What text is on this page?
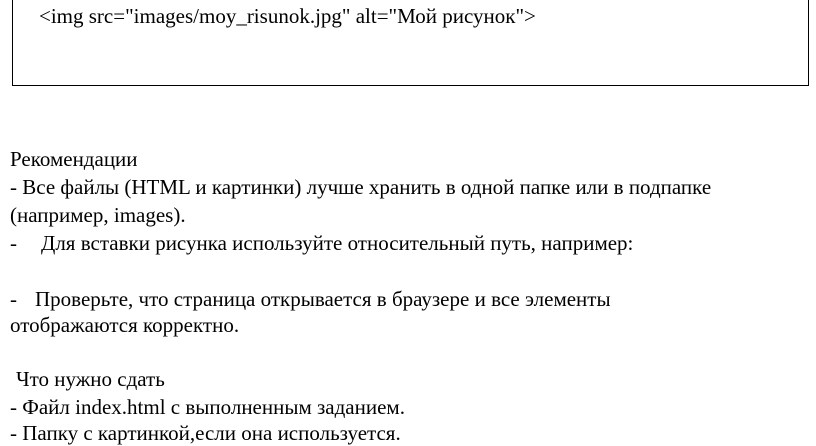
<img src="images/moy_risunok.jpg" alt="Мой рисунок">
Рекомендации
- Все файлы (HTML и картинки) лучше хранить в одной папке или в подпапке
(например, images).
- Для вставки рисунка используйте относительный путь, например:
- Проверьте, что страница открывается в браузере и все элементы
отображаются корректно.
Что нужно сдать
- Файл index.html с выполненным заданием.
- Папку с картинкой,если она используется.
